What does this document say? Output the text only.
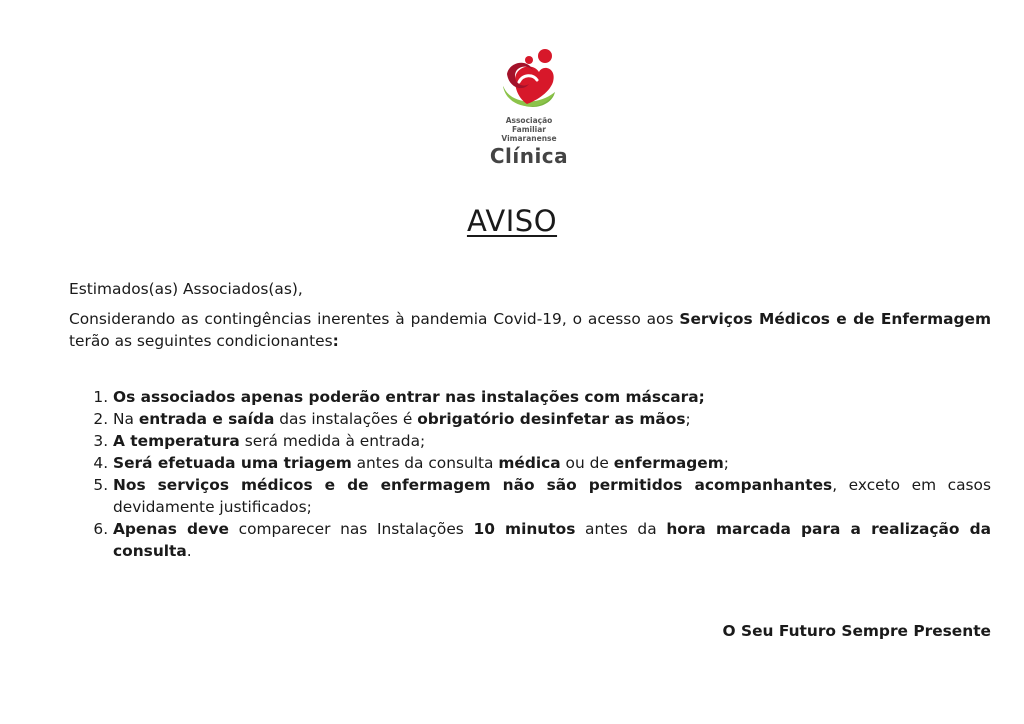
Associação
Familiar Vimaranense
Clínica
AVISO

Estimados(as) Associados(as),

Considerando as contingências inerentes à pandemia Covid-19, o acesso aos Serviços Médicos e de Enfermagem terão as seguintes condicionantes:

1. Os associados apenas poderão entrar nas instalações com máscara;
2. Na entrada e saída das instalações é obrigatório desinfetar as mãos;
3. A temperatura será medida à entrada;
4. Será efetuada uma triagem antes da consulta médica ou de enfermagem;
5. Nos serviços médicos e de enfermagem não são permitidos acompanhantes, exceto em casos devidamente justificados;
6. Apenas deve comparecer nas Instalações 10 minutos antes da hora marcada para a realização da consulta.
O Seu Futuro Sempre Presente
